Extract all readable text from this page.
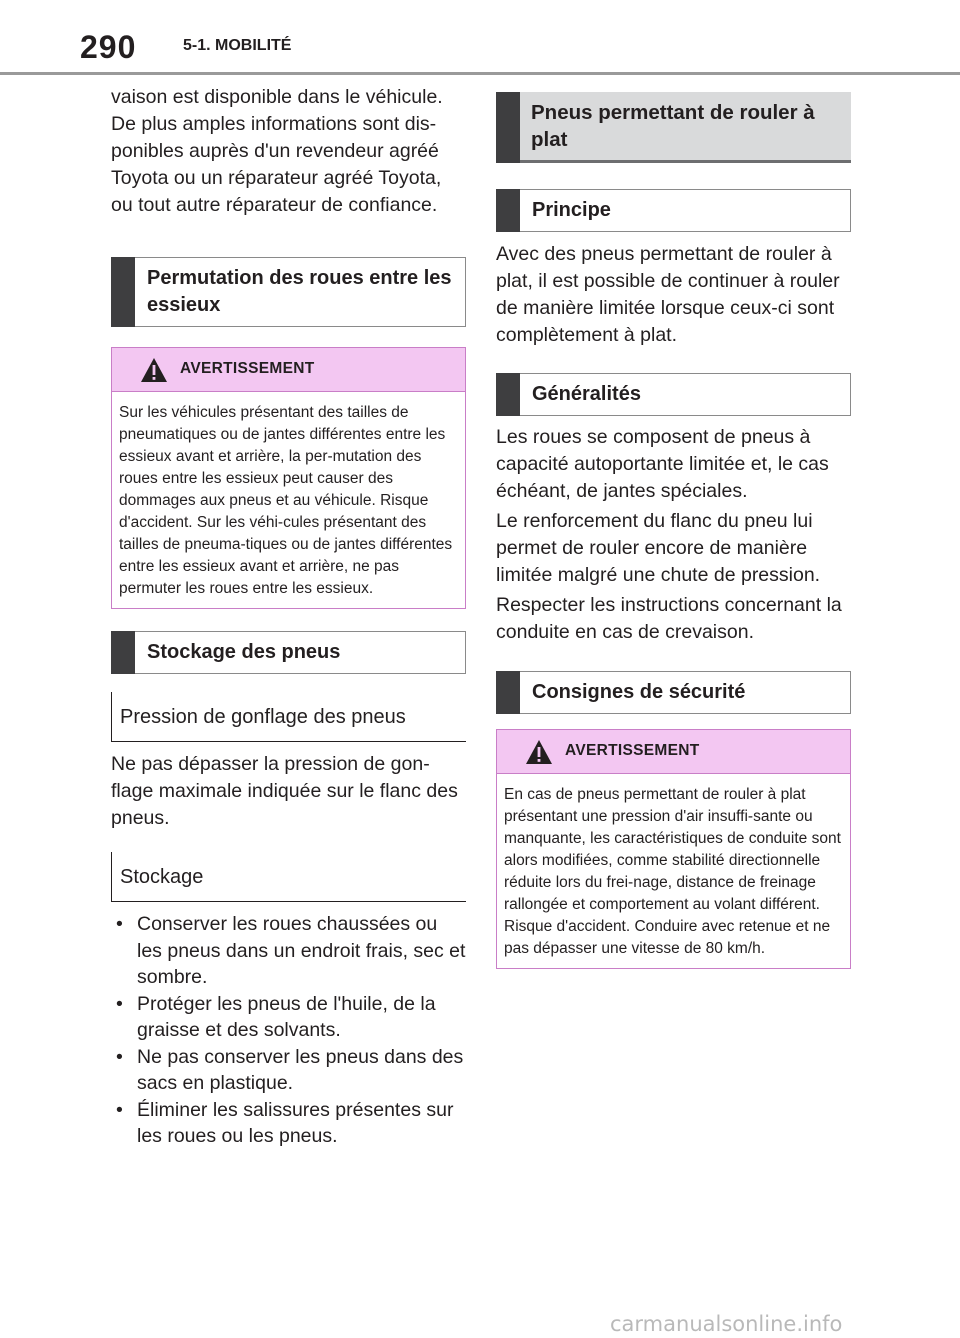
290	5-1. MOBILITÉ
vaison est disponible dans le véhicule. De plus amples informations sont dis-ponibles auprès d'un revendeur agréé Toyota ou un réparateur agréé Toyota, ou tout autre réparateur de confiance.
Permutation des roues entre les essieux
AVERTISSEMENT
Sur les véhicules présentant des tailles de pneumatiques ou de jantes différentes entre les essieux avant et arrière, la per-mutation des roues entre les essieux peut causer des dommages aux pneus et au véhicule. Risque d'accident. Sur les véhi-cules présentant des tailles de pneuma-tiques ou de jantes différentes entre les essieux avant et arrière, ne pas permuter les roues entre les essieux.
Stockage des pneus
Pression de gonflage des pneus
Ne pas dépasser la pression de gon-flage maximale indiquée sur le flanc des pneus.
Stockage
• Conserver les roues chaussées ou les pneus dans un endroit frais, sec et sombre.
• Protéger les pneus de l'huile, de la graisse et des solvants.
• Ne pas conserver les pneus dans des sacs en plastique.
• Éliminer les salissures présentes sur les roues ou les pneus.
Pneus permettant de rouler à plat
Principe
Avec des pneus permettant de rouler à plat, il est possible de continuer à rouler de manière limitée lorsque ceux-ci sont complètement à plat.
Généralités

Les roues se composent de pneus à capacité autoportante limitée et, le cas échéant, de jantes spéciales.

Le renforcement du flanc du pneu lui permet de rouler encore de manière limitée malgré une chute de pression.

Respecter les instructions concernant la conduite en cas de crevaison.

Consignes de sécurité
AVERTISSEMENT
En cas de pneus permettant de rouler à plat présentant une pression d'air insuffi-sante ou manquante, les caractéristiques de conduite sont alors modifiées, comme stabilité directionnelle réduite lors du frei-nage, distance de freinage rallongée et comportement au volant différent. Risque d'accident. Conduire avec retenue et ne pas dépasser une vitesse de 80 km/h.
carmanualsonline.info
